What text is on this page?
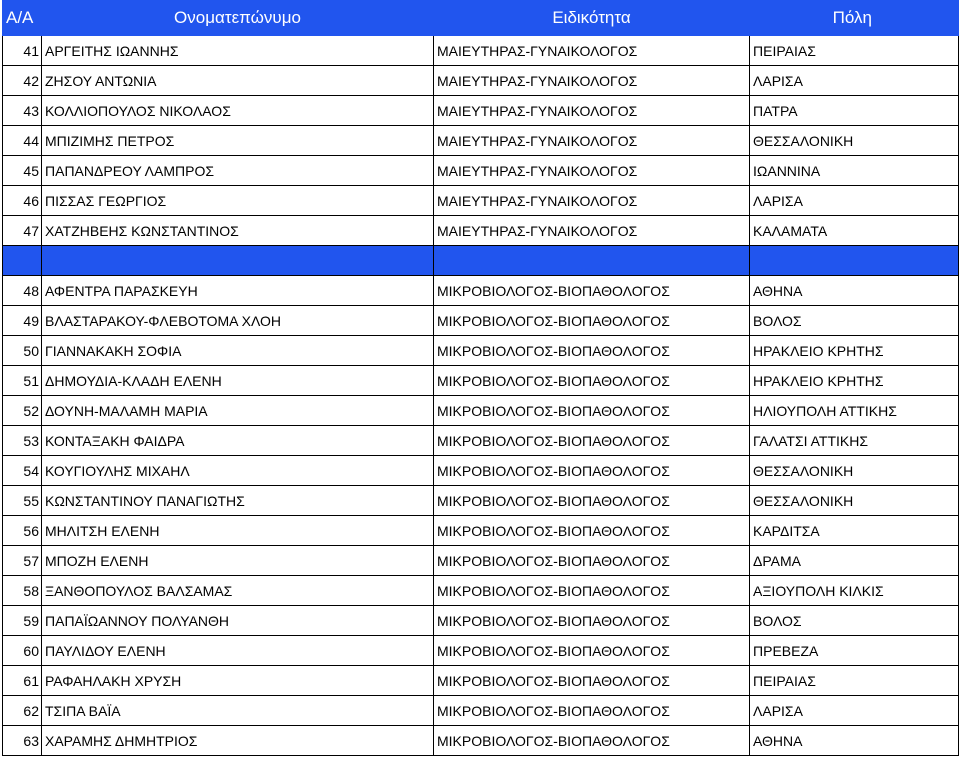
A/A	Ονοματεπώνυμο	Ειδικότητα	Πόλη
41	ΑΡΓΕΙΤΗΣ ΙΩΑΝΝΗΣ	ΜΑΙΕΥΤΗΡΑΣ-ΓΥΝΑΙΚΟΛΟΓΟΣ	ΠΕΙΡΑΙΑΣ
42	ΖΗΣΟΥ ΑΝΤΩΝΙΑ	ΜΑΙΕΥΤΗΡΑΣ-ΓΥΝΑΙΚΟΛΟΓΟΣ	ΛΑΡΙΣΑ
43	ΚΟΛΛΙΟΠΟΥΛΟΣ ΝΙΚΟΛΑΟΣ	ΜΑΙΕΥΤΗΡΑΣ-ΓΥΝΑΙΚΟΛΟΓΟΣ	ΠΑΤΡΑ
44	ΜΠΙΖΙΜΗΣ ΠΕΤΡΟΣ	ΜΑΙΕΥΤΗΡΑΣ-ΓΥΝΑΙΚΟΛΟΓΟΣ	ΘΕΣΣΑΛΟΝΙΚΗ
45	ΠΑΠΑΝΔΡΕΟΥ ΛΑΜΠΡΟΣ	ΜΑΙΕΥΤΗΡΑΣ-ΓΥΝΑΙΚΟΛΟΓΟΣ	ΙΩΑΝΝΙΝΑ
46	ΠΙΣΣΑΣ ΓΕΩΡΓΙΟΣ	ΜΑΙΕΥΤΗΡΑΣ-ΓΥΝΑΙΚΟΛΟΓΟΣ	ΛΑΡΙΣΑ
47	ΧΑΤΖΗΒΕΗΣ ΚΩΝΣΤΑΝΤΙΝΟΣ	ΜΑΙΕΥΤΗΡΑΣ-ΓΥΝΑΙΚΟΛΟΓΟΣ	ΚΑΛΑΜΑΤΑ

48	ΑΦΕΝΤΡΑ ΠΑΡΑΣΚΕΥΗ	ΜΙΚΡΟΒΙΟΛΟΓΟΣ-ΒΙΟΠΑΘΟΛΟΓΟΣ	ΑΘΗΝΑ
49	ΒΛΑΣΤΑΡΑΚΟΥ-ΦΛΕΒΟΤΟΜΑ ΧΛΟΗ	ΜΙΚΡΟΒΙΟΛΟΓΟΣ-ΒΙΟΠΑΘΟΛΟΓΟΣ	ΒΟΛΟΣ
50	ΓΙΑΝΝΑΚΑΚΗ ΣΟΦΙΑ	ΜΙΚΡΟΒΙΟΛΟΓΟΣ-ΒΙΟΠΑΘΟΛΟΓΟΣ	ΗΡΑΚΛΕΙΟ ΚΡΗΤΗΣ
51	ΔΗΜΟΥΔΙΑ-ΚΛΑΔΗ ΕΛΕΝΗ	ΜΙΚΡΟΒΙΟΛΟΓΟΣ-ΒΙΟΠΑΘΟΛΟΓΟΣ	ΗΡΑΚΛΕΙΟ ΚΡΗΤΗΣ
52	ΔΟΥΝΗ-ΜΑΛΑΜΗ ΜΑΡΙΑ	ΜΙΚΡΟΒΙΟΛΟΓΟΣ-ΒΙΟΠΑΘΟΛΟΓΟΣ	ΗΛΙΟΥΠΟΛΗ ΑΤΤΙΚΗΣ
53	ΚΟΝΤΑΞΑΚΗ ΦΑΙΔΡΑ	ΜΙΚΡΟΒΙΟΛΟΓΟΣ-ΒΙΟΠΑΘΟΛΟΓΟΣ	ΓΑΛΑΤΣΙ ΑΤΤΙΚΗΣ
54	ΚΟΥΓΙΟΥΛΗΣ ΜΙΧΑΗΛ	ΜΙΚΡΟΒΙΟΛΟΓΟΣ-ΒΙΟΠΑΘΟΛΟΓΟΣ	ΘΕΣΣΑΛΟΝΙΚΗ
55	ΚΩΝΣΤΑΝΤΙΝΟΥ ΠΑΝΑΓΙΩΤΗΣ	ΜΙΚΡΟΒΙΟΛΟΓΟΣ-ΒΙΟΠΑΘΟΛΟΓΟΣ	ΘΕΣΣΑΛΟΝΙΚΗ
56	ΜΗΛΙΤΣΗ ΕΛΕΝΗ	ΜΙΚΡΟΒΙΟΛΟΓΟΣ-ΒΙΟΠΑΘΟΛΟΓΟΣ	ΚΑΡΔΙΤΣΑ
57	ΜΠΟΖΗ ΕΛΕΝΗ	ΜΙΚΡΟΒΙΟΛΟΓΟΣ-ΒΙΟΠΑΘΟΛΟΓΟΣ	ΔΡΑΜΑ
58	ΞΑΝΘΟΠΟΥΛΟΣ ΒΑΛΣΑΜΑΣ	ΜΙΚΡΟΒΙΟΛΟΓΟΣ-ΒΙΟΠΑΘΟΛΟΓΟΣ	ΑΞΙΟΥΠΟΛΗ ΚΙΛΚΙΣ
59	ΠΑΠΑΪΩΑΝΝΟΥ ΠΟΛΥΑΝΘΗ	ΜΙΚΡΟΒΙΟΛΟΓΟΣ-ΒΙΟΠΑΘΟΛΟΓΟΣ	ΒΟΛΟΣ
60	ΠΑΥΛΙΔΟΥ ΕΛΕΝΗ	ΜΙΚΡΟΒΙΟΛΟΓΟΣ-ΒΙΟΠΑΘΟΛΟΓΟΣ	ΠΡΕΒΕΖΑ
61	ΡΑΦΑΗΛΑΚΗ ΧΡΥΣΗ	ΜΙΚΡΟΒΙΟΛΟΓΟΣ-ΒΙΟΠΑΘΟΛΟΓΟΣ	ΠΕΙΡΑΙΑΣ
62	ΤΣΙΠΑ ΒΑΪΑ	ΜΙΚΡΟΒΙΟΛΟΓΟΣ-ΒΙΟΠΑΘΟΛΟΓΟΣ	ΛΑΡΙΣΑ
63	ΧΑΡΑΜΗΣ ΔΗΜΗΤΡΙΟΣ	ΜΙΚΡΟΒΙΟΛΟΓΟΣ-ΒΙΟΠΑΘΟΛΟΓΟΣ	ΑΘΗΝΑ
